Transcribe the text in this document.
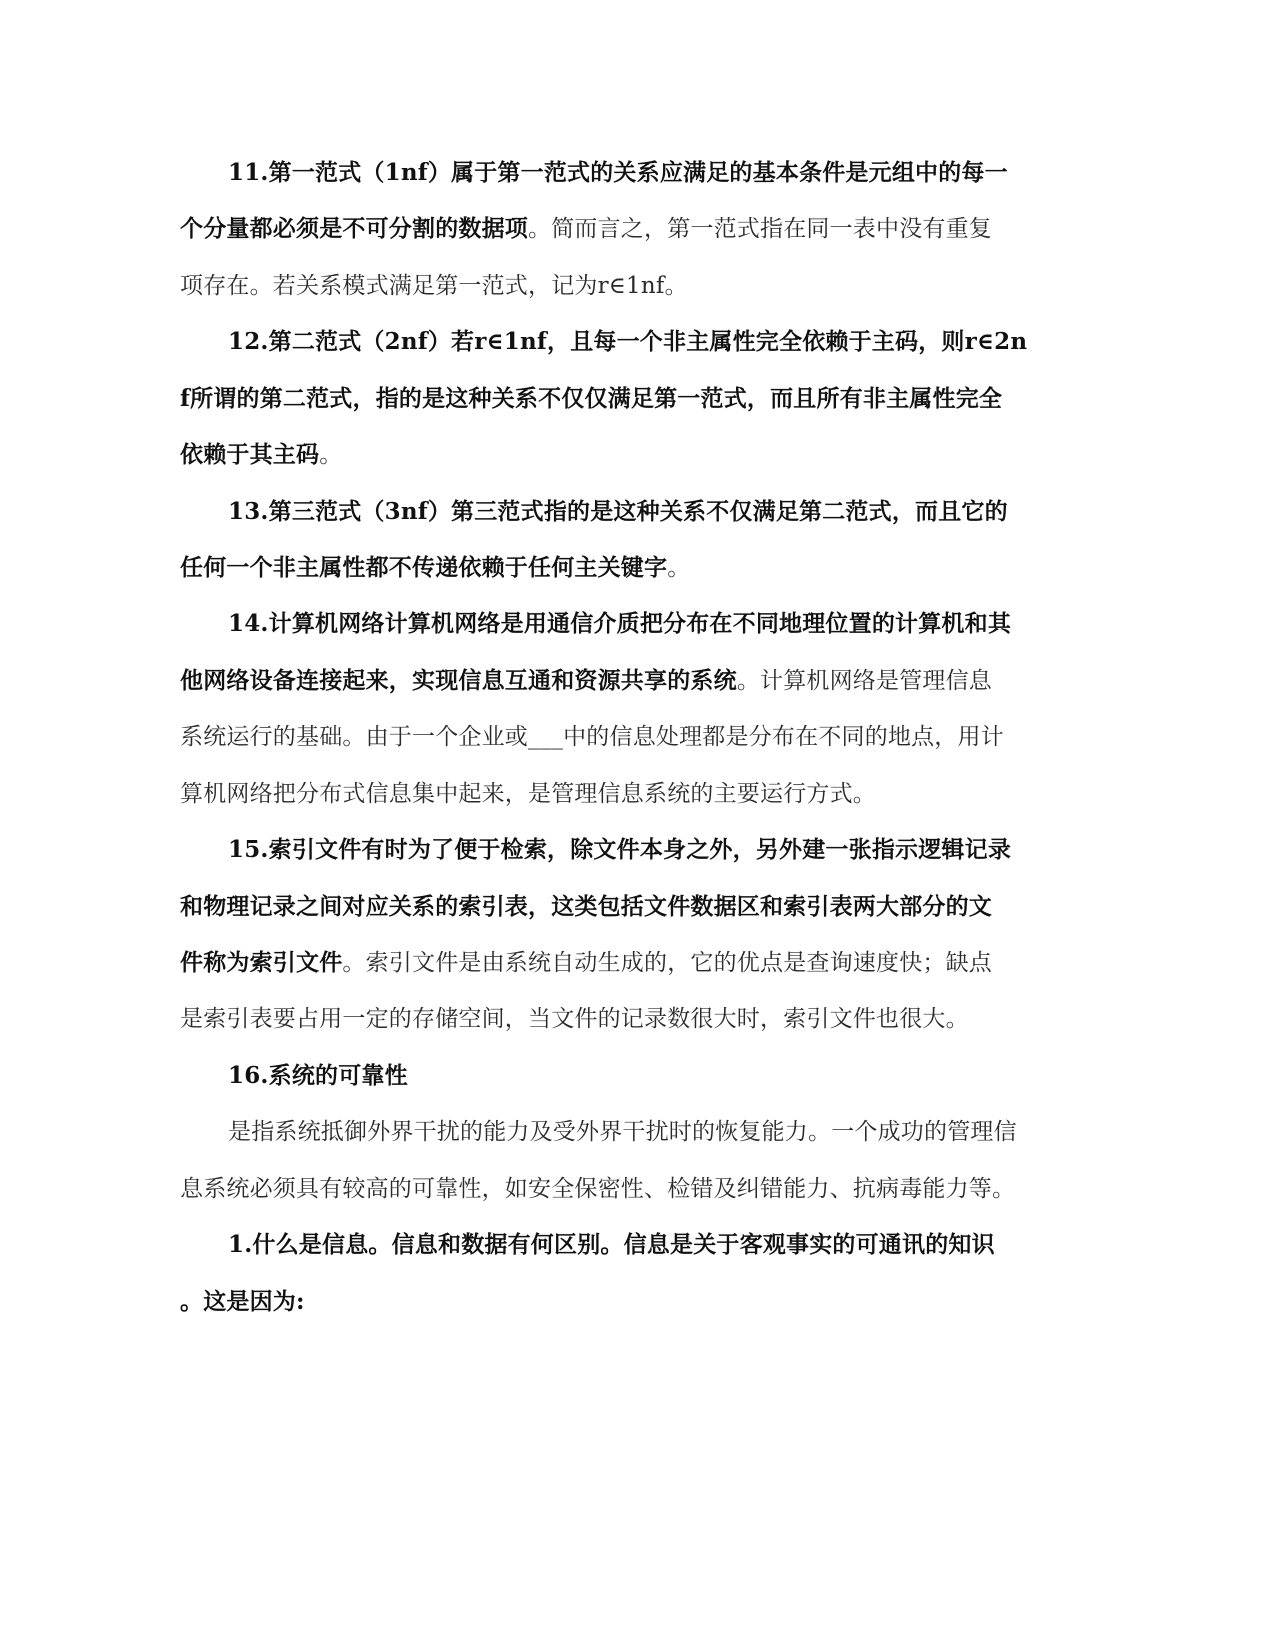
11.第一范式（1nf）属于第一范式的关系应满足的基本条件是元组中的每一
个分量都必须是不可分割的数据项。简而言之，第一范式指在同一表中没有重复
项存在。若关系模式满足第一范式，记为r∈1nf。
12.第二范式（2nf）若r∈1nf，且每一个非主属性完全依赖于主码，则r∈2n
f所谓的第二范式，指的是这种关系不仅仅满足第一范式，而且所有非主属性完全
依赖于其主码。
13.第三范式（3nf）第三范式指的是这种关系不仅满足第二范式，而且它的
任何一个非主属性都不传递依赖于任何主关键字。
14.计算机网络计算机网络是用通信介质把分布在不同地理位置的计算机和其
他网络设备连接起来，实现信息互通和资源共享的系统。计算机网络是管理信息
系统运行的基础。由于一个企业或___中的信息处理都是分布在不同的地点，用计
算机网络把分布式信息集中起来，是管理信息系统的主要运行方式。
15.索引文件有时为了便于检索，除文件本身之外，另外建一张指示逻辑记录
和物理记录之间对应关系的索引表，这类包括文件数据区和索引表两大部分的文
件称为索引文件。索引文件是由系统自动生成的，它的优点是查询速度快；缺点
是索引表要占用一定的存储空间，当文件的记录数很大时，索引文件也很大。
16.系统的可靠性
是指系统抵御外界干扰的能力及受外界干扰时的恢复能力。一个成功的管理信
息系统必须具有较高的可靠性，如安全保密性、检错及纠错能力、抗病毒能力等。
1.什么是信息。信息和数据有何区别。信息是关于客观事实的可通讯的知识
。这是因为:
